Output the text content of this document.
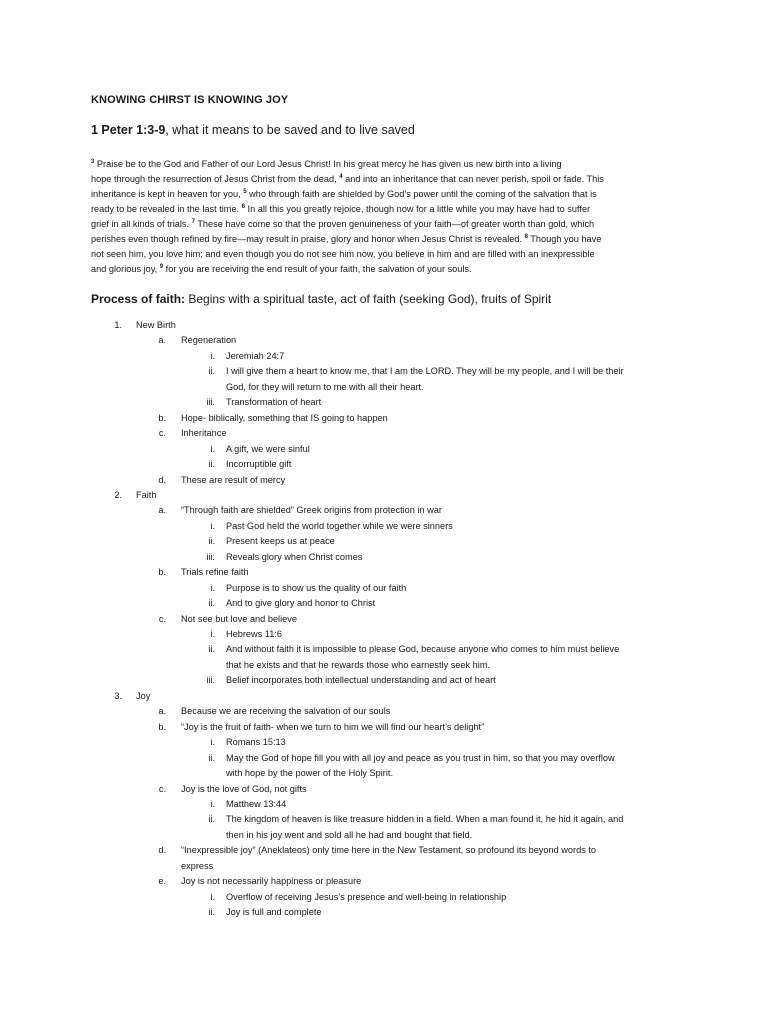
KNOWING CHIRST IS KNOWING JOY
1 Peter 1:3-9, what it means to be saved and to live saved
$^3$ Praise be to the God and Father of our Lord Jesus Christ! In his great mercy he has given us new birth into a living
hope through the resurrection of Jesus Christ from the dead, $^4$ and into an inheritance that can never perish, spoil or fade. This
inheritance is kept in heaven for you, $^5$ who through faith are shielded by God’s power until the coming of the salvation that is
ready to be revealed in the last time. $^6$ In all this you greatly rejoice, though now for a little while you may have had to suffer
grief in all kinds of trials. $^7$ These have come so that the proven genuineness of your faith—of greater worth than gold, which
perishes even though refined by fire—may result in praise, glory and honor when Jesus Christ is revealed. $^8$ Though you have
not seen him, you love him; and even though you do not see him now, you believe in him and are filled with an inexpressible
and glorious joy, $^9$ for you are receiving the end result of your faith, the salvation of your souls.
Process of faith: Begins with a spiritual taste, act of faith (seeking God), fruits of Spirit
1. New Birth
a. Regeneration
i. Jeremiah 24:7
ii. I will give them a heart to know me, that I am the LORD. They will be my people, and I will be their
God, for they will return to me with all their heart.
iii. Transformation of heart
b. Hope- biblically, something that IS going to happen
c. Inheritance
i. A gift, we were sinful
ii. Incorruptible gift
d. These are result of mercy
2. Faith
a. “Through faith are shielded” Greek origins from protection in war
i. Past God held the world together while we were sinners
ii. Present keeps us at peace
iii. Reveals glory when Christ comes
b. Trials refine faith
i. Purpose is to show us the quality of our faith
ii. And to give glory and honor to Christ
c. Not see but love and believe
i. Hebrews 11:6
ii. And without faith it is impossible to please God, because anyone who comes to him must believe
that he exists and that he rewards those who earnestly seek him.
iii. Belief incorporates both intellectual understanding and act of heart
3. Joy
a. Because we are receiving the salvation of our souls
b. “Joy is the fruit of faith- when we turn to him we will find our heart’s delight”
i. Romans 15:13
ii. May the God of hope fill you with all joy and peace as you trust in him, so that you may overflow
with hope by the power of the Holy Spirit.
c. Joy is the love of God, not gifts
i. Matthew 13:44
ii. The kingdom of heaven is like treasure hidden in a field. When a man found it, he hid it again, and
then in his joy went and sold all he had and bought that field.
d. “Inexpressible joy” (Aneklateos) only time here in the New Testament, so profound its beyond words to
express
e. Joy is not necessarily happiness or pleasure
i. Overflow of receiving Jesus’s presence and well-being in relationship
ii. Joy is full and complete
